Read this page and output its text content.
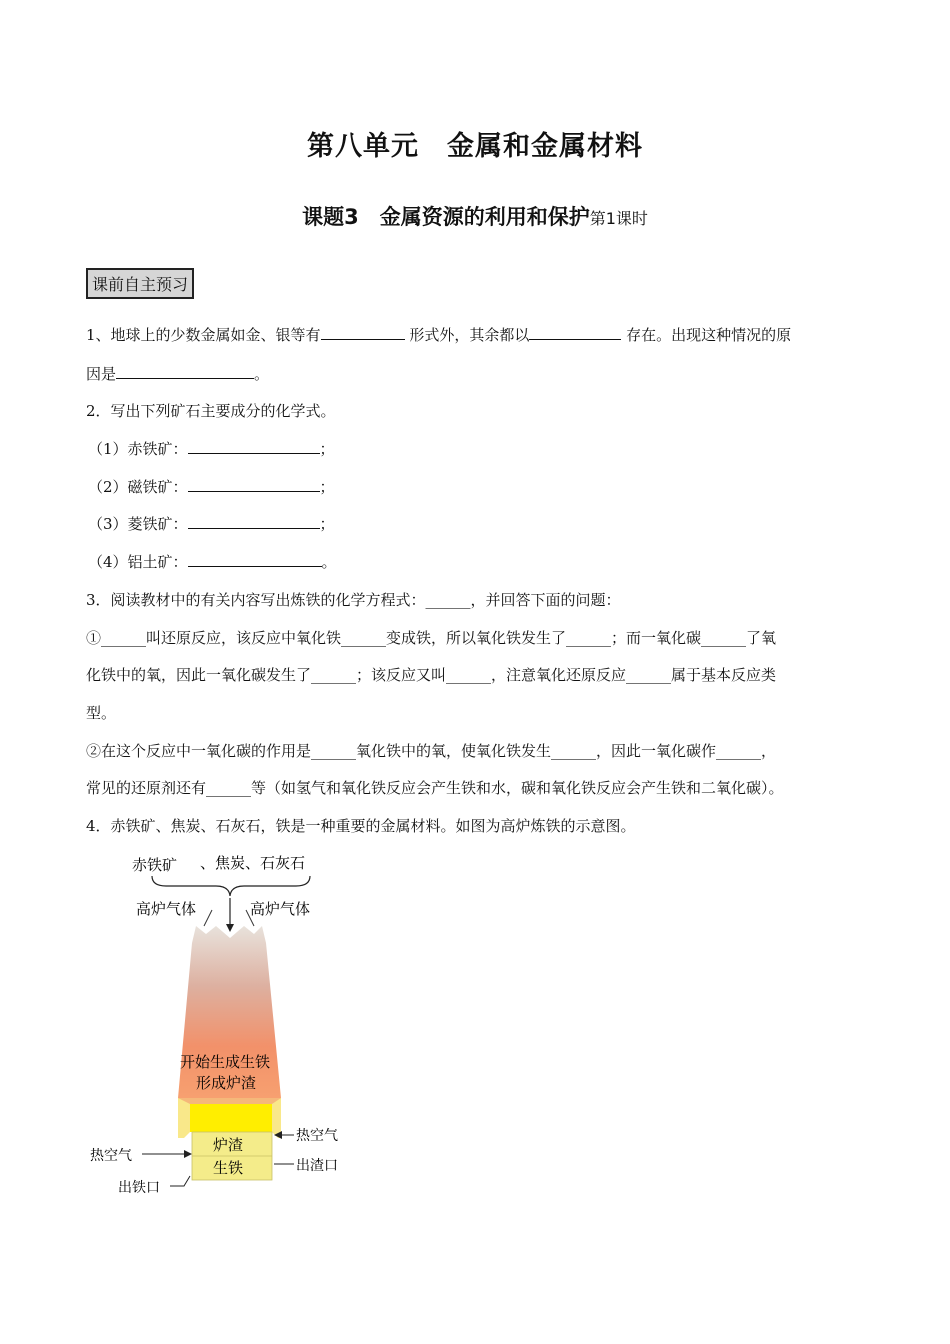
第八单元　金属和金属材料
课题3　金属资源的利用和保护第1课时
课前自主预习
1、地球上的少数金属如金、银等有	形式外，其余都以	存在。出现这种情况的原
因是	。
2．写出下列矿石主要成分的化学式。
（1）赤铁矿：	；
（2）磁铁矿：	；
（3）菱铁矿：	；
（4）铝土矿：	。
3．阅读教材中的有关内容写出炼铁的化学方程式：______，并回答下面的问题：
①______叫还原反应，该反应中氧化铁______变成铁，所以氧化铁发生了______；而一氧化碳______了氧
化铁中的氧，因此一氧化碳发生了______；该反应又叫______，注意氧化还原反应______属于基本反应类
型。
②在这个反应中一氧化碳的作用是______氧化铁中的氧，使氧化铁发生______，因此一氧化碳作______，
常见的还原剂还有______等（如氢气和氧化铁反应会产生铁和水，碳和氧化铁反应会产生铁和二氧化碳）。
4．赤铁矿、焦炭、石灰石，铁是一种重要的金属材料。如图为高炉炼铁的示意图。
赤铁矿 、焦炭、石灰石
高炉气体	高炉气体
开始生成生铁
形成炉渣
炉渣
生铁
热空气
热空气
出渣口
出铁口
